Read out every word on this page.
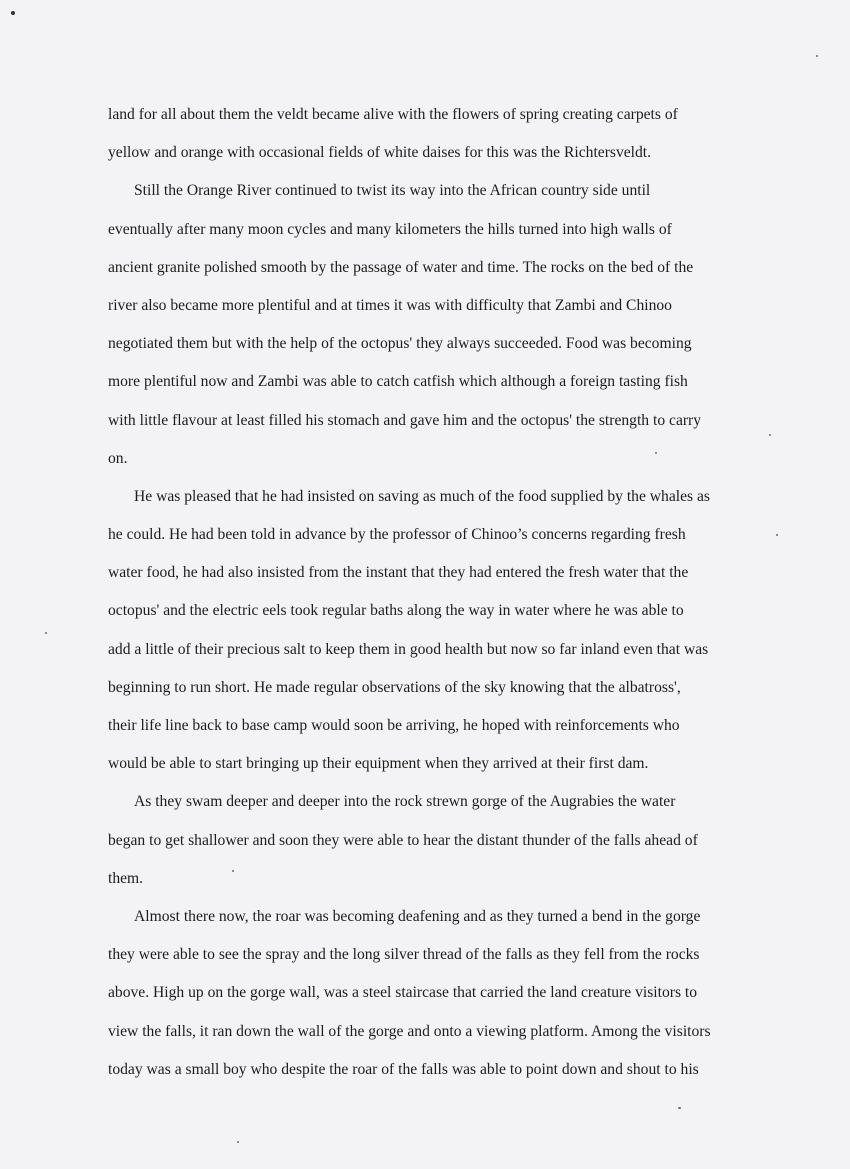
land for all about them the veldt became alive with the flowers of spring creating carpets of
yellow and orange with occasional fields of white daises for this was the Richtersveldt.
Still the Orange River continued to twist its way into the African country side until
eventually after many moon cycles and many kilometers the hills turned into high walls of
ancient granite polished smooth by the passage of water and time. The rocks on the bed of the
river also became more plentiful and at times it was with difficulty that Zambi and Chinoo
negotiated them but with the help of the octopus' they always succeeded. Food was becoming
more plentiful now and Zambi was able to catch catfish which although a foreign tasting fish
with little flavour at least filled his stomach and gave him and the octopus' the strength to carry
on.
He was pleased that he had insisted on saving as much of the food supplied by the whales as
he could. He had been told in advance by the professor of Chinoo’s concerns regarding fresh
water food, he had also insisted from the instant that they had entered the fresh water that the
octopus' and the electric eels took regular baths along the way in water where he was able to
add a little of their precious salt to keep them in good health but now so far inland even that was
beginning to run short. He made regular observations of the sky knowing that the albatross',
their life line back to base camp would soon be arriving, he hoped with reinforcements who
would be able to start bringing up their equipment when they arrived at their first dam.
As they swam deeper and deeper into the rock strewn gorge of the Augrabies the water
began to get shallower and soon they were able to hear the distant thunder of the falls ahead of
them.
Almost there now, the roar was becoming deafening and as they turned a bend in the gorge
they were able to see the spray and the long silver thread of the falls as they fell from the rocks
above. High up on the gorge wall, was a steel staircase that carried the land creature visitors to
view the falls, it ran down the wall of the gorge and onto a viewing platform. Among the visitors
today was a small boy who despite the roar of the falls was able to point down and shout to his
